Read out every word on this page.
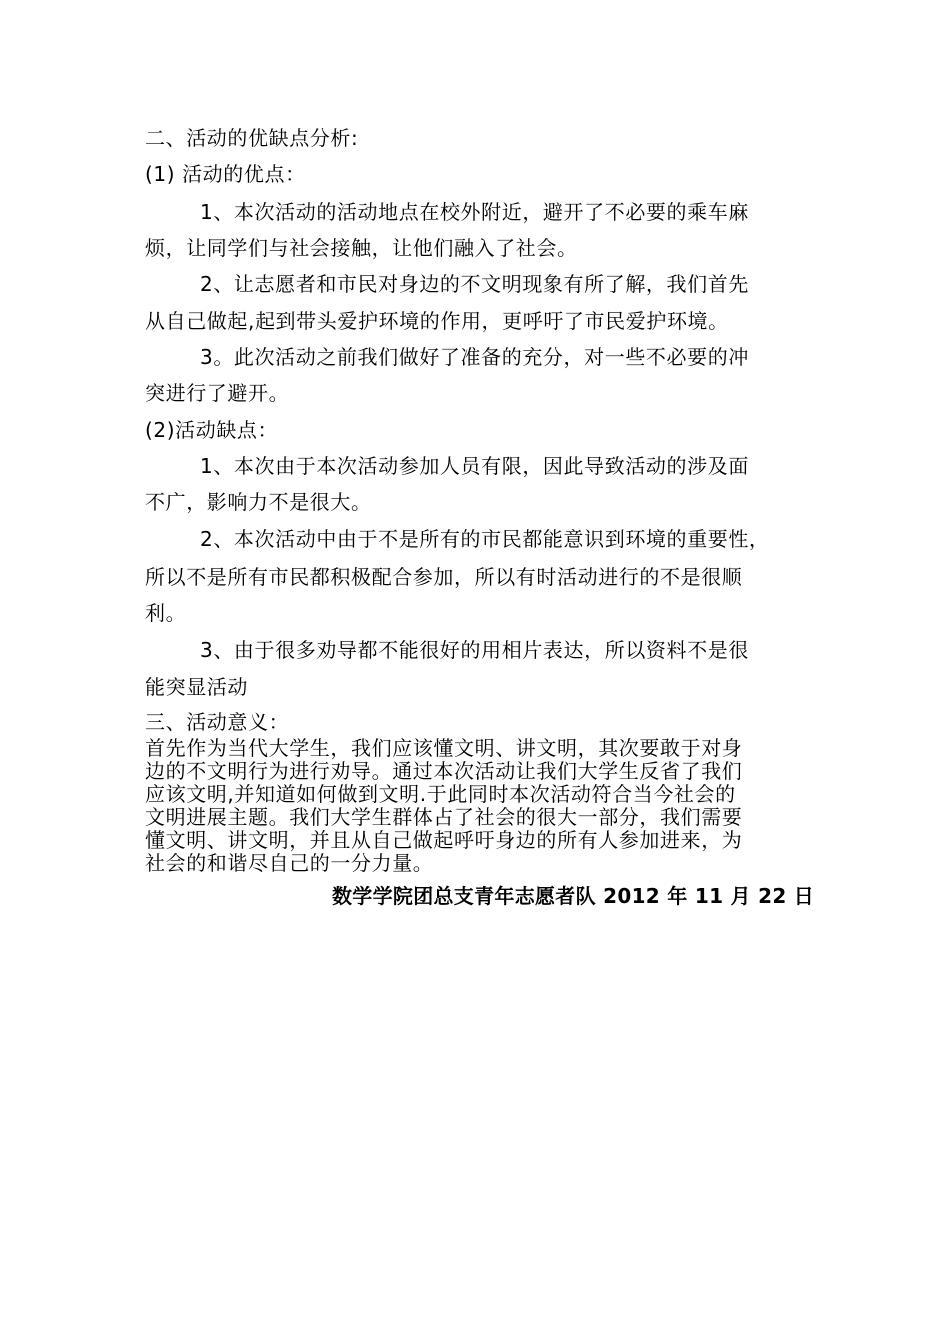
二、活动的优缺点分析:
(1) 活动的优点：
1、本次活动的活动地点在校外附近，避开了不必要的乘车麻
烦，让同学们与社会接触，让他们融入了社会。
2、让志愿者和市民对身边的不文明现象有所了解，我们首先
从自己做起,起到带头爱护环境的作用，更呼吁了市民爱护环境。
3。此次活动之前我们做好了准备的充分，对一些不必要的冲
突进行了避开。
(2)活动缺点：
1、本次由于本次活动参加人员有限，因此导致活动的涉及面
不广，影响力不是很大。
2、本次活动中由于不是所有的市民都能意识到环境的重要性，
所以不是所有市民都积极配合参加，所以有时活动进行的不是很顺
利。
3、由于很多劝导都不能很好的用相片表达，所以资料不是很
能突显活动
三、活动意义：
首先作为当代大学生，我们应该懂文明、讲文明，其次要敢于对身
边的不文明行为进行劝导。通过本次活动让我们大学生反省了我们
应该文明,并知道如何做到文明.于此同时本次活动符合当今社会的
文明进展主题。我们大学生群体占了社会的很大一部分，我们需要
懂文明、讲文明，并且从自己做起呼吁身边的所有人参加进来，为
社会的和谐尽自己的一分力量。
数学学院团总支青年志愿者队 2012 年 11 月 22 日
